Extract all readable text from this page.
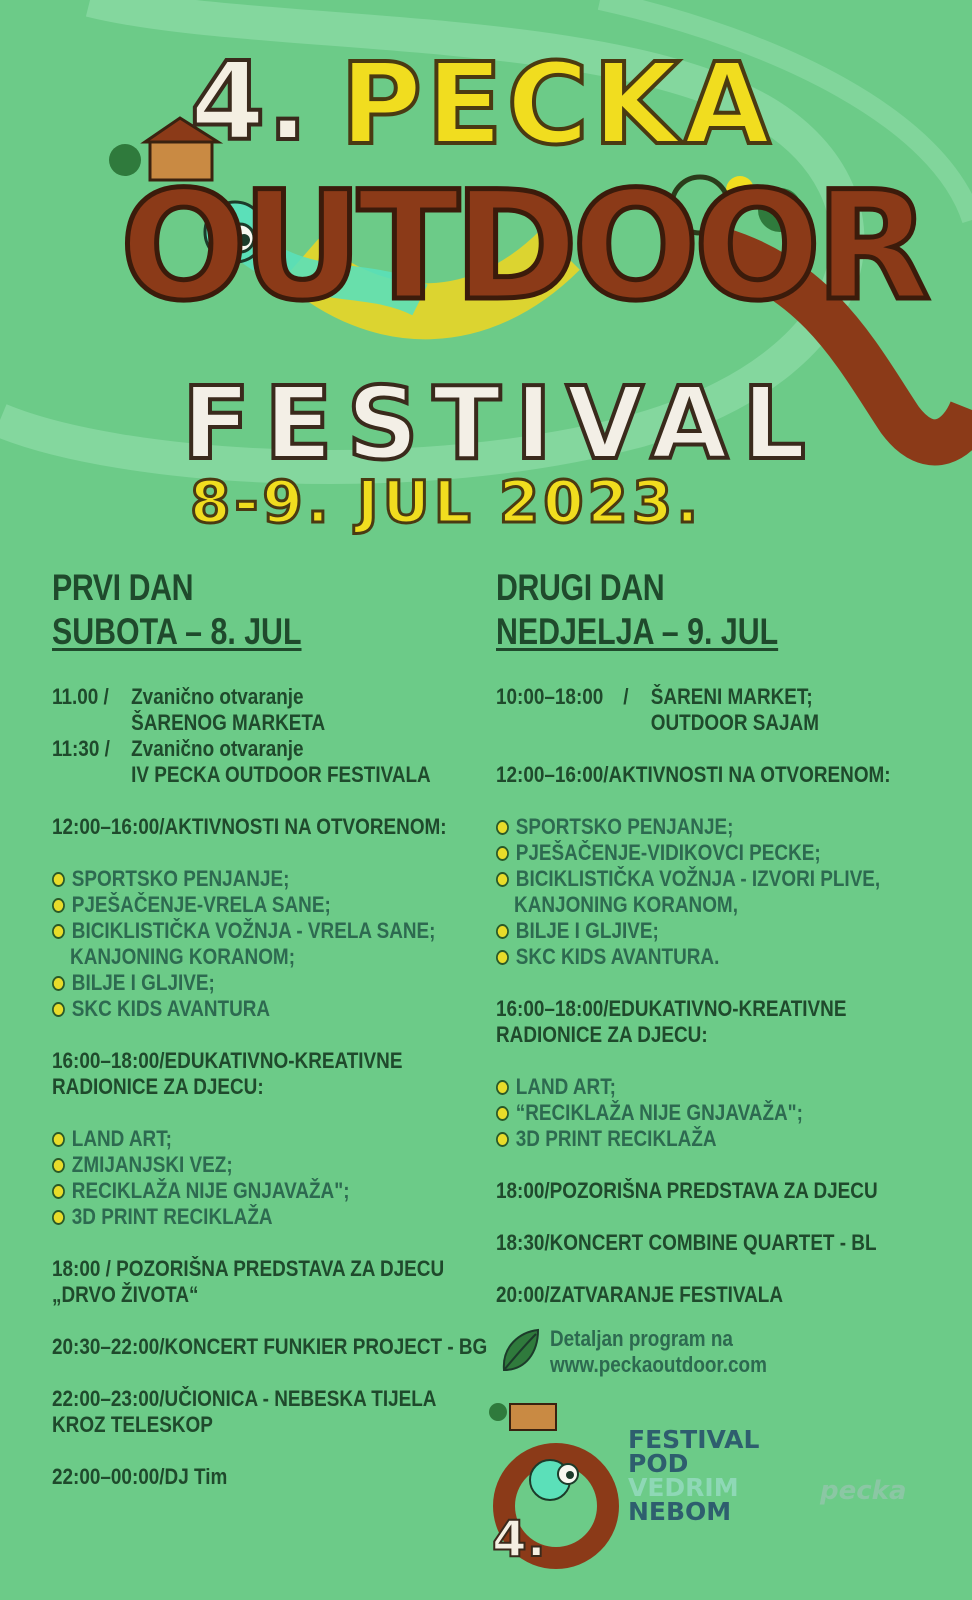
4. PECKA
OUTDOOR
FESTIVAL
8-9. JUL 2023.
PRVI DAN
SUBOTA – 8. JUL
11.00 /	Zvanično otvaranje
ŠARENOG MARKETA
11:30 / Zvanično otvaranje
IV PECKA OUTDOOR FESTIVALA
12:00–16:00/AKTIVNOSTI NA OTVORENOM:
SPORTSKO PENJANJE;
PJEŠAČENJE-VRELA SANE;
BICIKLISTIČKA VOŽNJA - VRELA SANE;
KANJONING KORANOM;
BILJE I GLJIVE;
SKC KIDS AVANTURA
16:00–18:00/EDUKATIVNO-KREATIVNE
RADIONICE ZA DJECU:
LAND ART;
ZMIJANJSKI VEZ;
RECIKLAŽA NIJE GNJAVAŽA";
3D PRINT RECIKLAŽA
18:00 / POZORIŠNA PREDSTAVA ZA DJECU
„DRVO ŽIVOTA“
20:30–22:00/KONCERT FUNKIER PROJECT - BG
22:00–23:00/UČIONICA - NEBESKA TIJELA
KROZ TELESKOP
22:00–00:00/DJ Tim
DRUGI DAN
NEDJELJA – 9. JUL
10:00–18:00 /	ŠARENI MARKET;
OUTDOOR SAJAM
12:00–16:00/AKTIVNOSTI NA OTVORENOM:
SPORTSKO PENJANJE;
PJEŠAČENJE-VIDIKOVCI PECKE;
BICIKLISTIČKA VOŽNJA - IZVORI PLIVE,
KANJONING KORANOM,
BILJE I GLJIVE;
SKC KIDS AVANTURA.
16:00–18:00/EDUKATIVNO-KREATIVNE
RADIONICE ZA DJECU:
LAND ART;
“RECIKLAŽA NIJE GNJAVAŽA";
3D PRINT RECIKLAŽA
18:00/POZORIŠNA PREDSTAVA ZA DJECU
18:30/KONCERT COMBINE QUARTET - BL
20:00/ZATVARANJE FESTIVALA
Detaljan program na
www.peckaoutdoor.com
4.
FESTIVAL
POD
VEDRIM
NEBOM
pecka
